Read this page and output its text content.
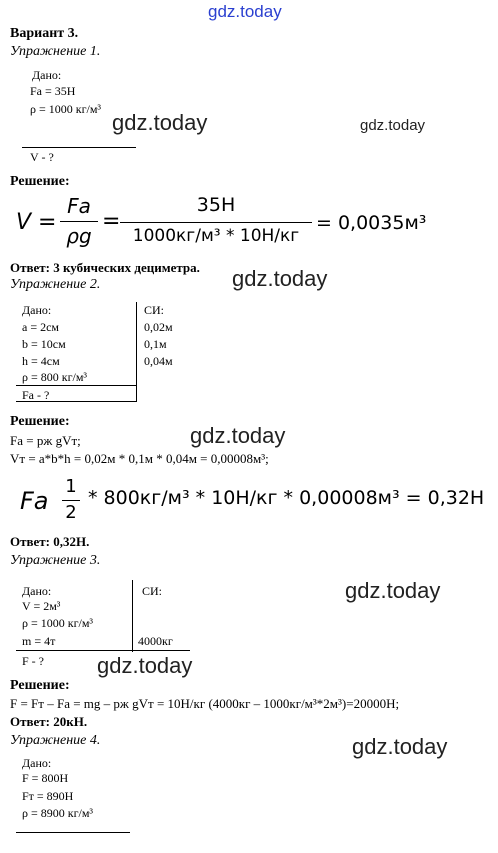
gdz.today
Вариант 3.
Упражнение 1.
Дано:
Fa = 35H
ρ = 1000 кг/м³
gdz.today	gdz.today
V - ?
Решение:
V =
Fa
ρg
=
35H
1000кг/м³ * 10Н/кг
= 0,0035м³
Ответ: 3 кубических дециметра. gdz.today
Упражнение 2.
Дано:
a = 2см
b = 10см
h = 4см
ρ = 800 кг/м³
Fa - ?
СИ:
0,02м
0,1м
0,04м
Решение:
gdz.today
Fa = pж gVт;
Vт = a*b*h = 0,02м * 0,1м * 0,04м = 0,00008м³;
Fa
1
2
* 800кг/м³ * 10Н/кг * 0,00008м³ = 0,32Н
Ответ: 0,32Н.
Упражнение 3.
Дано:
V = 2м³
ρ = 1000 кг/м³
m = 4т
СИ:
4000кг
gdz.today
F - ? gdz.today
Решение:
F = Fт – Fa = mg – pж gVт = 10Н/кг (4000кг – 1000кг/м³*2м³)=20000Н;
Ответ: 20кН.
Упражнение 4.	gdz.today
Дано:
F = 800H
Fт = 890H
ρ = 8900 кг/м³
